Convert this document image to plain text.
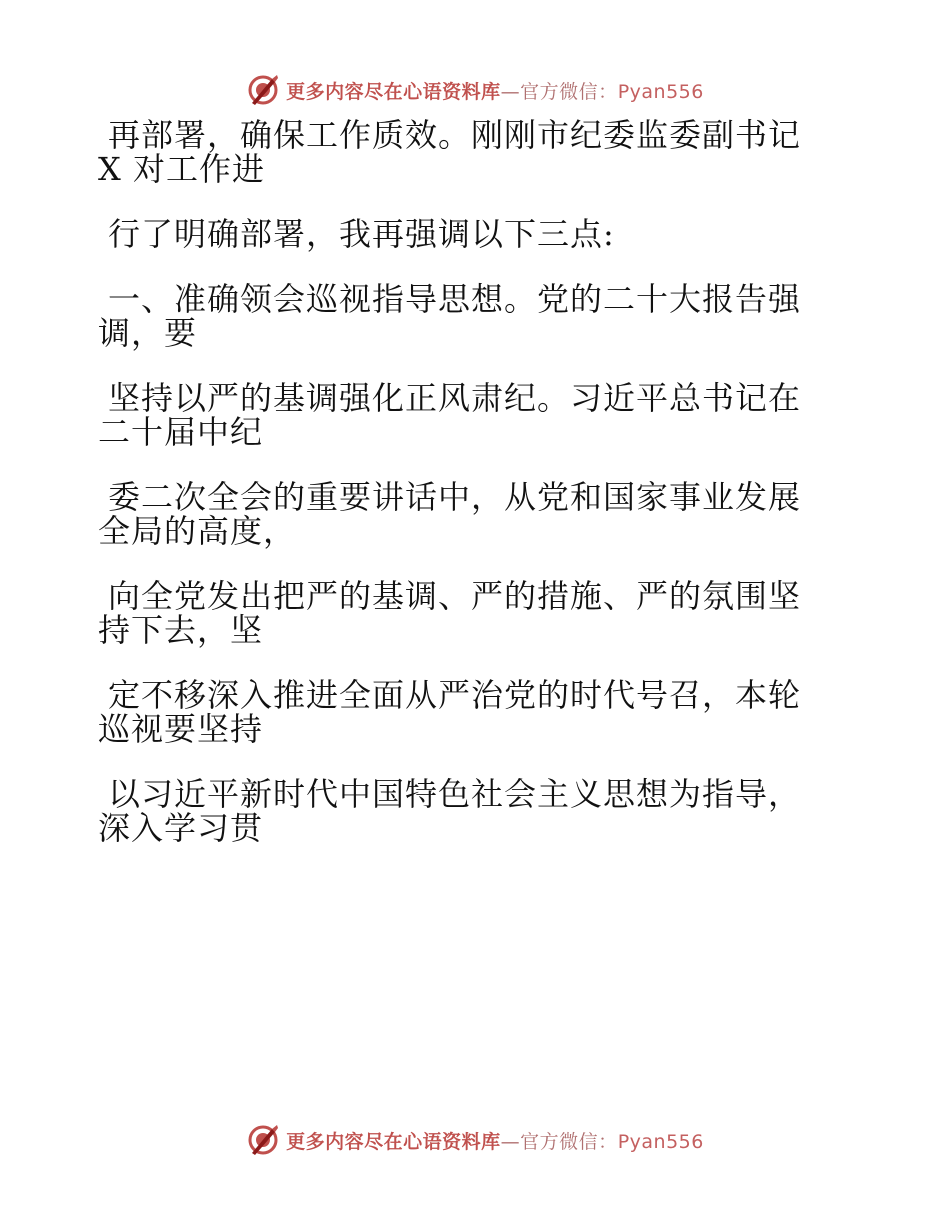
更多内容尽在心语资料库—官方微信：Pyan556
再部署，确保工作质效。刚刚市纪委监委副书记
X 对工作进
行了明确部署，我再强调以下三点:
一、准确领会巡视指导思想。党的二十大报告强
调，要
坚持以严的基调强化正风肃纪。习近平总书记在
二十届中纪
委二次全会的重要讲话中，从党和国家事业发展
全局的高度，
向全党发出把严的基调、严的措施、严的氛围坚
持下去，坚
定不移深入推进全面从严治党的时代号召，本轮
巡视要坚持
以习近平新时代中国特色社会主义思想为指导，
深入学习贯
更多内容尽在心语资料库—官方微信：Pyan556
